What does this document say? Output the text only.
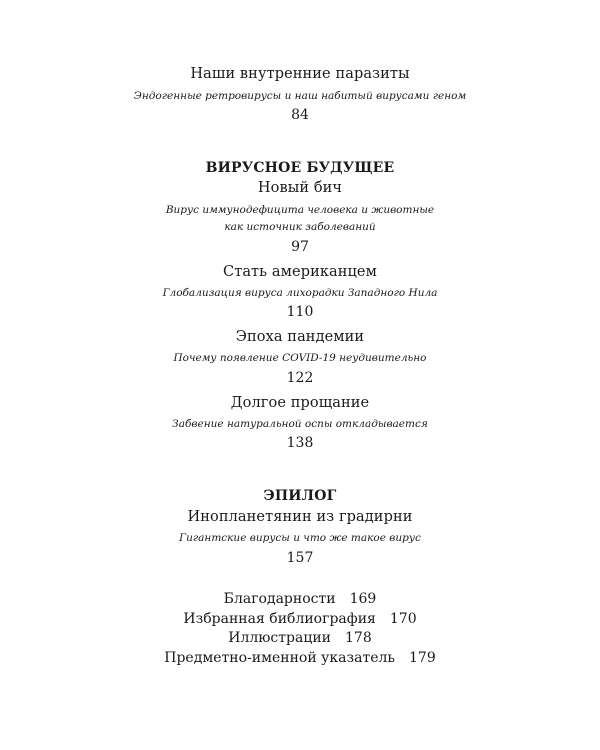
Наши внутренние паразиты
Эндогенные ретровирусы и наш набитый вирусами геном
84
ВИРУСНОЕ БУДУЩЕЕ
Новый бич
Вирус иммунодефицита человека и животные
как источник заболеваний
97
Стать американцем
Глобализация вируса лихорадки Западного Нила
110
Эпоха пандемии
Почему появление COVID-19 неудивительно
122
Долгое прощание
Забвение натуральной оспы откладывается
138
ЭПИЛОГ
Инопланетянин из градирни
Гигантские вирусы и что же такое вирус
157
Благодарности 169
Избранная библиография 170
Иллюстрации 178
Предметно-именной указатель 179
